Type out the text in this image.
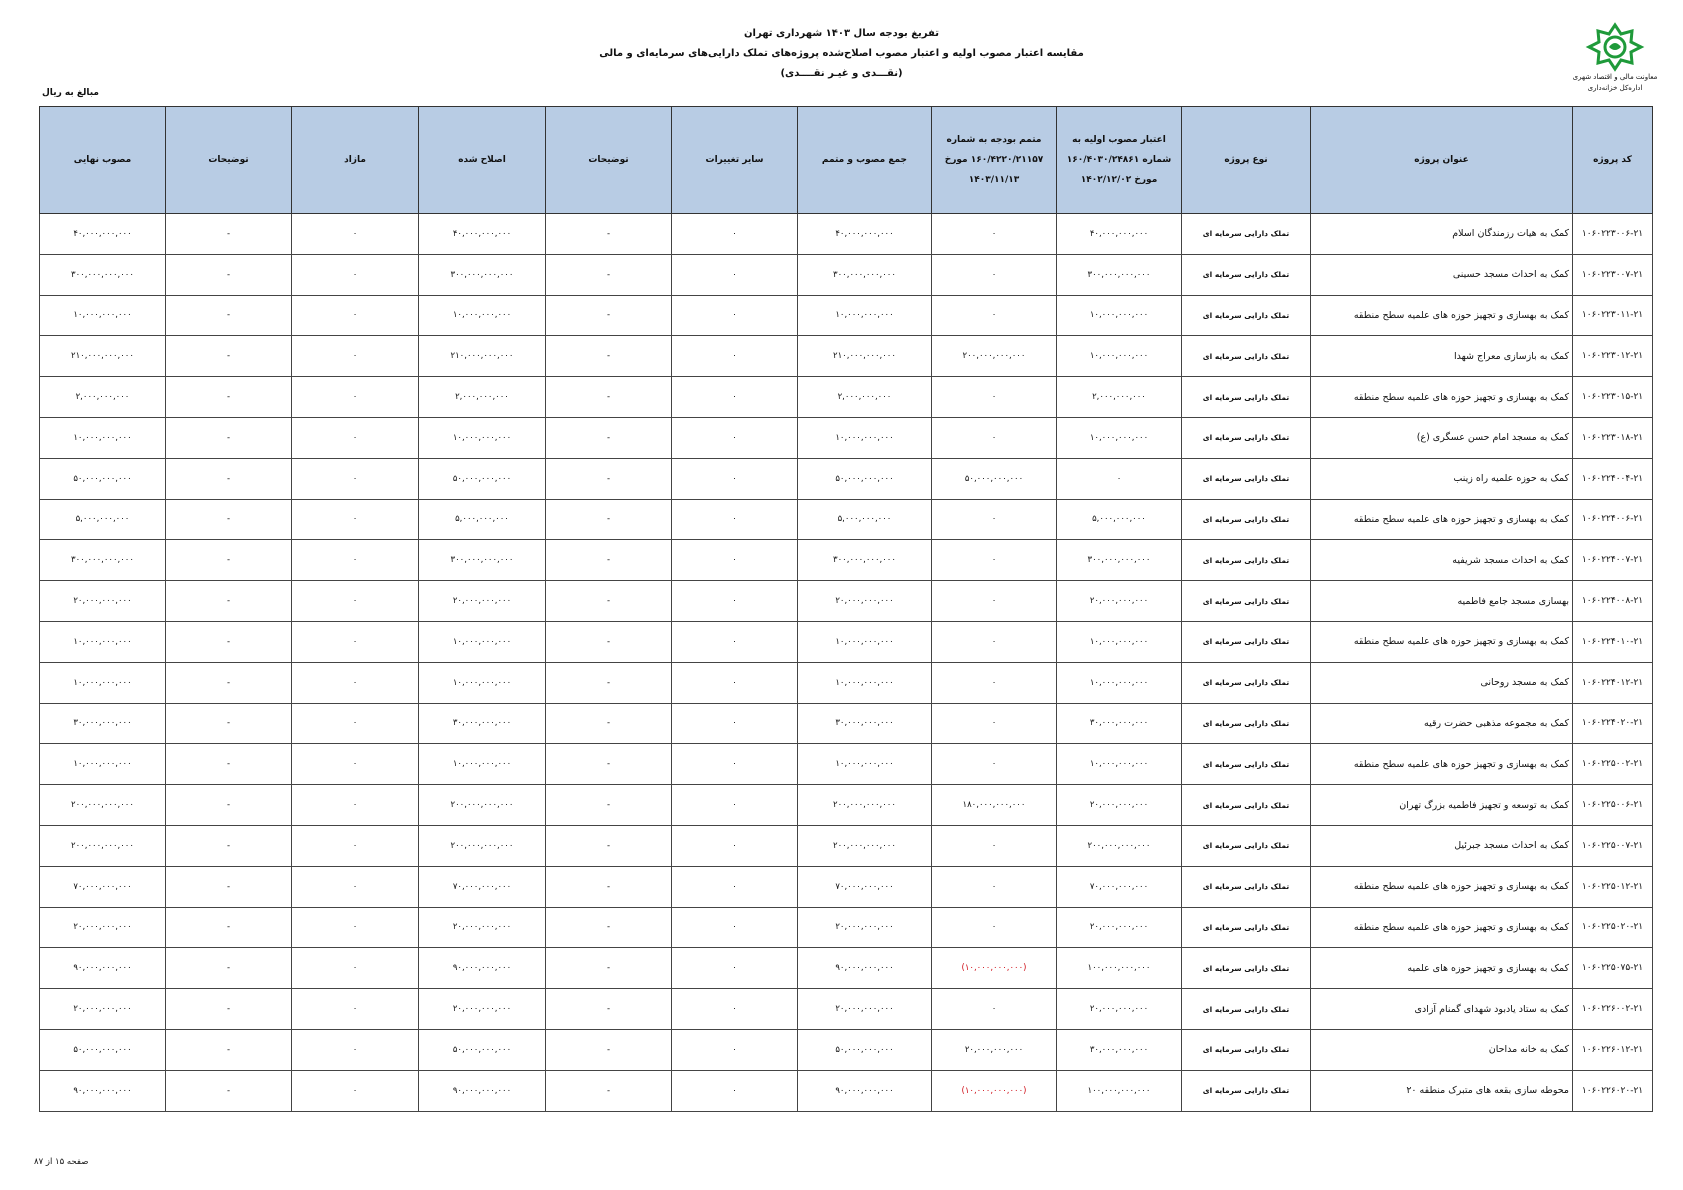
تفریغ بودجه سال ۱۴۰۳ شهرداری تهران
مقایسه اعتبار مصوب اولیه و اعتبار مصوب اصلاح‌شده پروژه‌های تملک دارایی‌های سرمایه‌ای و مالی
(نقـــدی و غیـر نقــــدی)	معاونت مالی و اقتصاد شهری
اداره‌کل خزانه‌داری
مبالغ به ریال
کد پروژه	عنوان پروژه	نوع پروژه	اعتبار مصوب اولیه به شماره ۱۶۰/۴۰۳۰/۲۴۸۶۱ مورخ ۱۴۰۲/۱۲/۰۲	متمم بودجه به شماره ۱۶۰/۴۲۲۰/۲۱۱۵۷ مورخ ۱۴۰۳/۱۱/۱۳	جمع مصوب و متمم	سایر تغییرات	توضیحات	اصلاح شده	مازاد	توضیحات	مصوب نهایی
۱۰۶۰۲۲۳۰۰۶-۲۱	کمک به هیات رزمندگان اسلام	تملک دارایی سرمایه ای	۴۰,۰۰۰,۰۰۰,۰۰۰	۰	۴۰,۰۰۰,۰۰۰,۰۰۰	۰	-	۴۰,۰۰۰,۰۰۰,۰۰۰	۰	-	۴۰,۰۰۰,۰۰۰,۰۰۰
۱۰۶۰۲۲۳۰۰۷-۲۱	کمک به احداث مسجد حسینی	تملک دارایی سرمایه ای	۳۰۰,۰۰۰,۰۰۰,۰۰۰	۰	۳۰۰,۰۰۰,۰۰۰,۰۰۰	۰	-	۳۰۰,۰۰۰,۰۰۰,۰۰۰	۰	-	۳۰۰,۰۰۰,۰۰۰,۰۰۰
۱۰۶۰۲۲۳۰۱۱-۲۱	کمک به بهسازی و تجهیز حوزه های علمیه سطح منطقه	تملک دارایی سرمایه ای	۱۰,۰۰۰,۰۰۰,۰۰۰	۰	۱۰,۰۰۰,۰۰۰,۰۰۰	۰	-	۱۰,۰۰۰,۰۰۰,۰۰۰	۰	-	۱۰,۰۰۰,۰۰۰,۰۰۰
۱۰۶۰۲۲۳۰۱۲-۲۱	کمک به بازسازی معراج شهدا	تملک دارایی سرمایه ای	۱۰,۰۰۰,۰۰۰,۰۰۰	۲۰۰,۰۰۰,۰۰۰,۰۰۰	۲۱۰,۰۰۰,۰۰۰,۰۰۰	۰	-	۲۱۰,۰۰۰,۰۰۰,۰۰۰	۰	-	۲۱۰,۰۰۰,۰۰۰,۰۰۰
۱۰۶۰۲۲۳۰۱۵-۲۱	کمک به بهسازی و تجهیز حوزه های علمیه سطح منطقه	تملک دارایی سرمایه ای	۲,۰۰۰,۰۰۰,۰۰۰	۰	۲,۰۰۰,۰۰۰,۰۰۰	۰	-	۲,۰۰۰,۰۰۰,۰۰۰	۰	-	۲,۰۰۰,۰۰۰,۰۰۰
۱۰۶۰۲۲۳۰۱۸-۲۱	کمک به مسجد امام حسن عسگری (ع)	تملک دارایی سرمایه ای	۱۰,۰۰۰,۰۰۰,۰۰۰	۰	۱۰,۰۰۰,۰۰۰,۰۰۰	۰	-	۱۰,۰۰۰,۰۰۰,۰۰۰	۰	-	۱۰,۰۰۰,۰۰۰,۰۰۰
۱۰۶۰۲۲۴۰۰۴-۲۱	کمک به حوزه علمیه راه زینب	تملک دارایی سرمایه ای	۰	۵۰,۰۰۰,۰۰۰,۰۰۰	۵۰,۰۰۰,۰۰۰,۰۰۰	۰	-	۵۰,۰۰۰,۰۰۰,۰۰۰	۰	-	۵۰,۰۰۰,۰۰۰,۰۰۰
۱۰۶۰۲۲۴۰۰۶-۲۱	کمک به بهسازی و تجهیز حوزه های علمیه سطح منطقه	تملک دارایی سرمایه ای	۵,۰۰۰,۰۰۰,۰۰۰	۰	۵,۰۰۰,۰۰۰,۰۰۰	۰	-	۵,۰۰۰,۰۰۰,۰۰۰	۰	-	۵,۰۰۰,۰۰۰,۰۰۰
۱۰۶۰۲۲۴۰۰۷-۲۱	کمک به احداث مسجد شریفیه	تملک دارایی سرمایه ای	۳۰۰,۰۰۰,۰۰۰,۰۰۰	۰	۳۰۰,۰۰۰,۰۰۰,۰۰۰	۰	-	۳۰۰,۰۰۰,۰۰۰,۰۰۰	۰	-	۳۰۰,۰۰۰,۰۰۰,۰۰۰
۱۰۶۰۲۲۴۰۰۸-۲۱	بهسازی مسجد جامع فاطمیه	تملک دارایی سرمایه ای	۲۰,۰۰۰,۰۰۰,۰۰۰	۰	۲۰,۰۰۰,۰۰۰,۰۰۰	۰	-	۲۰,۰۰۰,۰۰۰,۰۰۰	۰	-	۲۰,۰۰۰,۰۰۰,۰۰۰
۱۰۶۰۲۲۴۰۱۰-۲۱	کمک به بهسازی و تجهیز حوزه های علمیه سطح منطقه	تملک دارایی سرمایه ای	۱۰,۰۰۰,۰۰۰,۰۰۰	۰	۱۰,۰۰۰,۰۰۰,۰۰۰	۰	-	۱۰,۰۰۰,۰۰۰,۰۰۰	۰	-	۱۰,۰۰۰,۰۰۰,۰۰۰
۱۰۶۰۲۲۴۰۱۲-۲۱	کمک به مسجد روحانی	تملک دارایی سرمایه ای	۱۰,۰۰۰,۰۰۰,۰۰۰	۰	۱۰,۰۰۰,۰۰۰,۰۰۰	۰	-	۱۰,۰۰۰,۰۰۰,۰۰۰	۰	-	۱۰,۰۰۰,۰۰۰,۰۰۰
۱۰۶۰۲۲۴۰۲۰-۲۱	کمک به مجموعه مذهبی حضرت رقیه	تملک دارایی سرمایه ای	۳۰,۰۰۰,۰۰۰,۰۰۰	۰	۳۰,۰۰۰,۰۰۰,۰۰۰	۰	-	۳۰,۰۰۰,۰۰۰,۰۰۰	۰	-	۳۰,۰۰۰,۰۰۰,۰۰۰
۱۰۶۰۲۲۵۰۰۲-۲۱	کمک به بهسازی و تجهیز حوزه های علمیه سطح منطقه	تملک دارایی سرمایه ای	۱۰,۰۰۰,۰۰۰,۰۰۰	۰	۱۰,۰۰۰,۰۰۰,۰۰۰	۰	-	۱۰,۰۰۰,۰۰۰,۰۰۰	۰	-	۱۰,۰۰۰,۰۰۰,۰۰۰
۱۰۶۰۲۲۵۰۰۶-۲۱	کمک به توسعه و تجهیز فاطمیه بزرگ تهران	تملک دارایی سرمایه ای	۲۰,۰۰۰,۰۰۰,۰۰۰	۱۸۰,۰۰۰,۰۰۰,۰۰۰	۲۰۰,۰۰۰,۰۰۰,۰۰۰	۰	-	۲۰۰,۰۰۰,۰۰۰,۰۰۰	۰	-	۲۰۰,۰۰۰,۰۰۰,۰۰۰
۱۰۶۰۲۲۵۰۰۷-۲۱	کمک به احداث مسجد جبرئیل	تملک دارایی سرمایه ای	۲۰۰,۰۰۰,۰۰۰,۰۰۰	۰	۲۰۰,۰۰۰,۰۰۰,۰۰۰	۰	-	۲۰۰,۰۰۰,۰۰۰,۰۰۰	۰	-	۲۰۰,۰۰۰,۰۰۰,۰۰۰
۱۰۶۰۲۲۵۰۱۲-۲۱	کمک به بهسازی و تجهیز حوزه های علمیه سطح منطقه	تملک دارایی سرمایه ای	۷۰,۰۰۰,۰۰۰,۰۰۰	۰	۷۰,۰۰۰,۰۰۰,۰۰۰	۰	-	۷۰,۰۰۰,۰۰۰,۰۰۰	۰	-	۷۰,۰۰۰,۰۰۰,۰۰۰
۱۰۶۰۲۲۵۰۲۰-۲۱	کمک به بهسازی و تجهیز حوزه های علمیه سطح منطقه	تملک دارایی سرمایه ای	۲۰,۰۰۰,۰۰۰,۰۰۰	۰	۲۰,۰۰۰,۰۰۰,۰۰۰	۰	-	۲۰,۰۰۰,۰۰۰,۰۰۰	۰	-	۲۰,۰۰۰,۰۰۰,۰۰۰
۱۰۶۰۲۲۵۰۷۵-۲۱	کمک به بهسازی و تجهیز حوزه های علمیه	تملک دارایی سرمایه ای	۱۰۰,۰۰۰,۰۰۰,۰۰۰	(۱۰,۰۰۰,۰۰۰,۰۰۰)	۹۰,۰۰۰,۰۰۰,۰۰۰	۰	-	۹۰,۰۰۰,۰۰۰,۰۰۰	۰	-	۹۰,۰۰۰,۰۰۰,۰۰۰
۱۰۶۰۲۲۶۰۰۲-۲۱	کمک به ستاد یادبود شهدای گمنام آزادی	تملک دارایی سرمایه ای	۲۰,۰۰۰,۰۰۰,۰۰۰	۰	۲۰,۰۰۰,۰۰۰,۰۰۰	۰	-	۲۰,۰۰۰,۰۰۰,۰۰۰	۰	-	۲۰,۰۰۰,۰۰۰,۰۰۰
۱۰۶۰۲۲۶۰۱۲-۲۱	کمک به خانه مداحان	تملک دارایی سرمایه ای	۳۰,۰۰۰,۰۰۰,۰۰۰	۲۰,۰۰۰,۰۰۰,۰۰۰	۵۰,۰۰۰,۰۰۰,۰۰۰	۰	-	۵۰,۰۰۰,۰۰۰,۰۰۰	۰	-	۵۰,۰۰۰,۰۰۰,۰۰۰
۱۰۶۰۲۲۶۰۲۰-۲۱	محوطه سازی بقعه های متبرک منطقه ۲۰	تملک دارایی سرمایه ای	۱۰۰,۰۰۰,۰۰۰,۰۰۰	(۱۰,۰۰۰,۰۰۰,۰۰۰)	۹۰,۰۰۰,۰۰۰,۰۰۰	۰	-	۹۰,۰۰۰,۰۰۰,۰۰۰	۰	-	۹۰,۰۰۰,۰۰۰,۰۰۰
صفحه ۱۵ از ۸۷
